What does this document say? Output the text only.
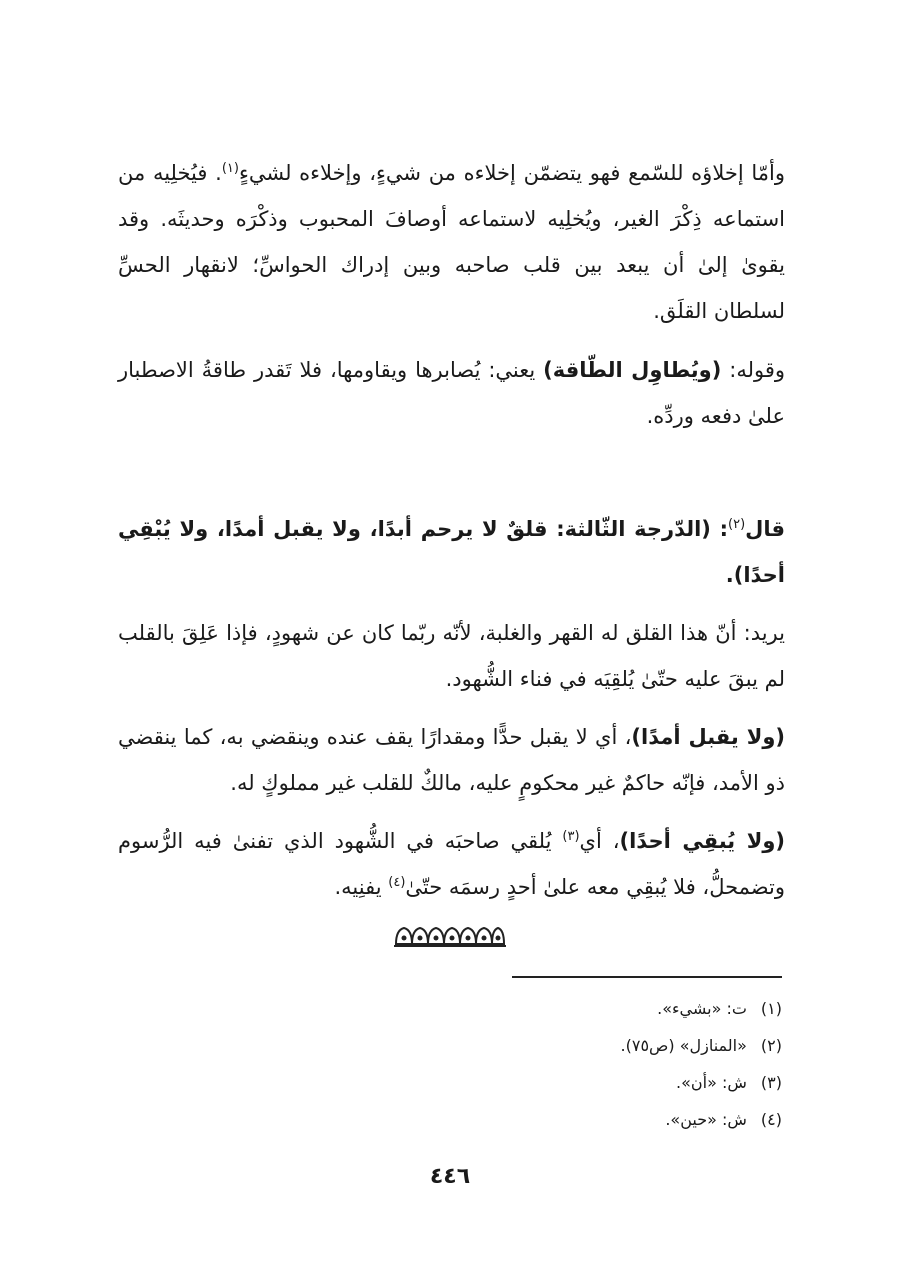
وأمّا إخلاؤه للسّمع فهو يتضمّن إخلاءه من شيءٍ، وإخلاءه لشيءٍ$^{(١)}$. فيُخلِيه من استماعه ذِكْرَ الغير، ويُخلِيه لاستماعه أوصافَ المحبوب وذكْرَه وحديثَه. وقد يقوىٰ إلىٰ أن يبعد بين قلب صاحبه وبين إدراك الحواسِّ؛ لانقهار الحسِّ لسلطان القلَق.
وقوله: (ويُطاوِل الطّاقة) يعني: يُصابرها ويقاومها، فلا تَقدر طاقةُ الاصطبار علىٰ دفعه وردِّه.
قال$^{(٢)}$: (الدّرجة الثّالثة: قلقٌ لا يرحم أبدًا، ولا يقبل أمدًا، ولا يُبْقِي أحدًا).
يريد: أنّ هذا القلق له القهر والغلبة، لأنّه ربّما كان عن شهودٍ، فإذا عَلِقَ بالقلب لم يبقَ عليه حتّىٰ يُلقِيَه في فناء الشُّهود.
(ولا يقبل أمدًا)، أي لا يقبل حدًّا ومقدارًا يقف عنده وينقضي به، كما ينقضي ذو الأمد، فإنّه حاكمٌ غير محكومٍ عليه، مالكٌ للقلب غير مملوكٍ له.
(ولا يُبقِي أحدًا)، أي$^{(٣)}$ يُلقي صاحبَه في الشُّهود الذي تفنىٰ فيه الرُّسوم وتضمحلُّ، فلا يُبقِي معه علىٰ أحدٍ رسمَه حتّىٰ$^{(٤)}$ يفنِيه.
(١) ت: «بشيء».
(٢) «المنازل» (ص٧٥).
(٣) ش: «أن».
(٤) ش: «حين».
٤٤٦
